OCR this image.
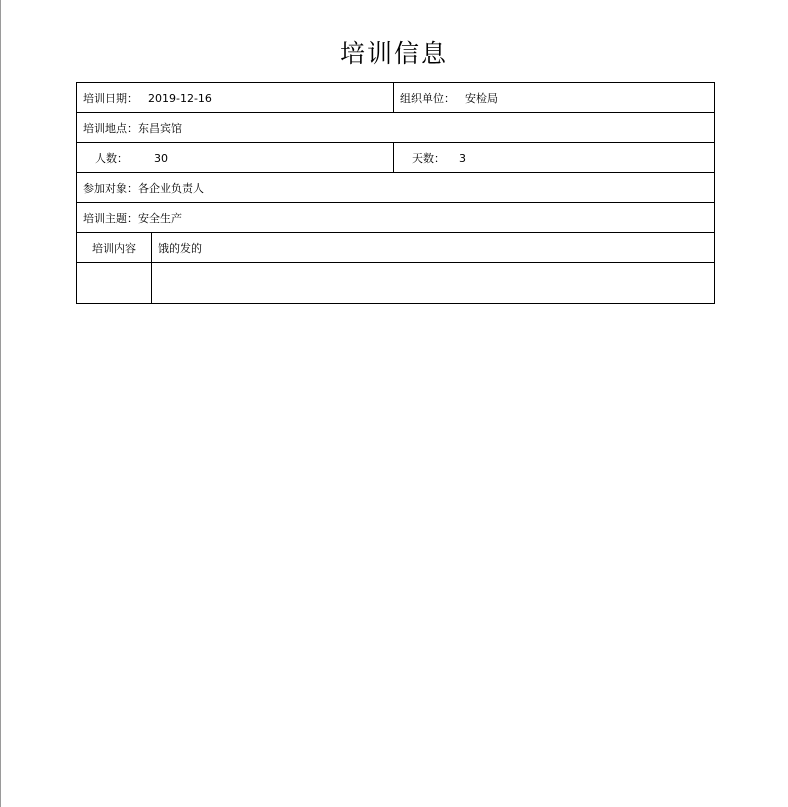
培训信息
培训日期： 2019-12-16		组织单位： 安检局
培训地点：东昌宾馆		
人数： 30		天数： 3
参加对象：各企业负责人		
培训主题：安全生产		
培训内容	饿的发的	
